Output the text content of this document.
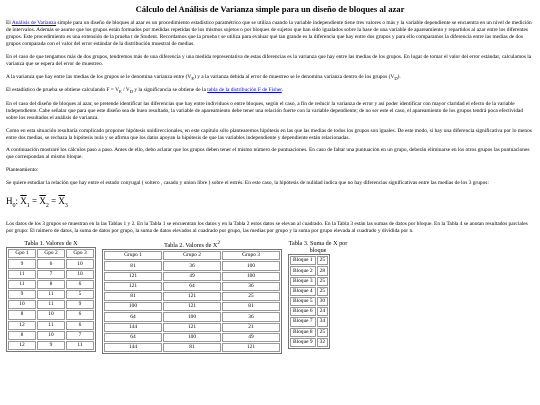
Cálculo del Análisis de Varianza simple para un diseño de bloques al azar

El Análisis de Varianza simple para un diseño de bloques al azar es un procedimiento estadístico paramétrico que se utiliza cuando la variable independiente tiene tres valores o más y la variable dependiente se encuentra en un nivel de medición de intervalos. Además se asume que los grupos están formados por medidas repetidas de los mismos sujetos o por bloques de sujetos que han sido igualados sobre la base de una variable de apareamiento y repartidos al azar entre los diferentes grupos. Este procedimiento es una extensión de la prueba t de Student. Recordamos que la prueba t se utiliza para evaluar qué tan grande es la diferencia que hay entre dos grupos y para ello comparamos la diferencia entre las medias de dos grupos comparada con el valor del error estándar de la distribución muestral de medias.

En el caso de que tengamos más de dos grupos, tendremos más de una diferencia y una medida representativa de estas diferencias es la varianza que hay entre las medias de los grupos. En lugar de tomar el valor del error estándar, calculamos la varianza que se espera del error de muestreo.

A la varianza que hay entre las medias de los grupos se le denomina varianza entre $(V_E)$ y a la varianza debida al error de muestreo se le denomina varianza dentro de los grupos $(V_D)$.

El estadístico de prueba se obtiene calculando $F = V_E / V_D$ y la significancia se obtiene de la tabla de la distribución F de Fisher.

En el caso del diseño de bloques al azar, se pretende identificar las diferencias que hay entre individuos o entre bloques, según el caso, a fin de reducir la varianza de error y así poder identificar con mayor claridad el efecto de la variable independiente. Cabe señalar que para que este diseño sea de buen resultado, la variable de apareamiento debe tener una relación fuerte con la variable dependiente; de no ser este el caso, el apareamiento de los grupos tendrá poca efectividad sobre los resultados el análisis de varianza.

Como en esta situación resultaría complicado proponer hipótesis unidireccionales, en este capítulo sólo plantearemos hipótesis en las que las medias de todos los grupos son iguales. De este modo, si hay una diferencia significativa por lo menos entre dos medias, se rechaza la hipótesis nula y se afirma que los datos apoyan la hipótesis de que las variables independiente y dependiente están relacionadas.

A continuación mostraré los cálculos paso a paso. Antes de ello, debo aclarar que los grupos deben tener el mismo número de puntuaciones. En caso de faltar una puntuación en un grupo, deberán eliminarse en los otros grupos las puntuaciones que correspondan al mismo bloque.

Planteamiento:

Se quiere estudiar la relación que hay entre el estado conyugal ( soltero , casado y union libre ) sobre el estrés. En este caso, la hipótesis de nulidad indica que no hay diferencias significativas entre las medias de los 3 grupos:

$H_0$: $\overline{X}_1 = \overline{X}_2 = \overline{X}_3$

Los datos de los 3 grupos se muestran en la las Tablas 1 y 2. En la Tabla 1 se encuentran los datos y en la Tabla 2 estos datos se elevan al cuadrado. En la Tabla 3 están las sumas de datos por bloque. En la Tabla 4 se anotan resultados parciales por grupo: El número de datos, la suma de datos por grupo, la suma de datos elevados al cuadrado por grupo, las medias por grupo y la suma por grupo elevada al cuadrado y dividida por n.

Tabla 1. Valores de X
Gpo 1	Gpo 2	Gpo 3
9	6	10
11	7	10
11	8	6
9	11	5
10	11	9
8	10	6
12	11	6
8	10	7
12	9	11
Tabla 2. Valores de $X^2$
Grupo 1	Grupo 2	Grupo 3
81	36	100
121	49	100
121	64	36
81	121	25
100	121	81
64	100	36
144	121	21
64	100	49
144	81	121
Tabla 3. Suma de X por bloque
Bloque 1	25
Bloque 2	28
Bloque 3	25
Bloque 4	25
Bloque 5	30
Bloque 6	24
Bloque 7	34
Bloque 8	25
Bloque 9	32
